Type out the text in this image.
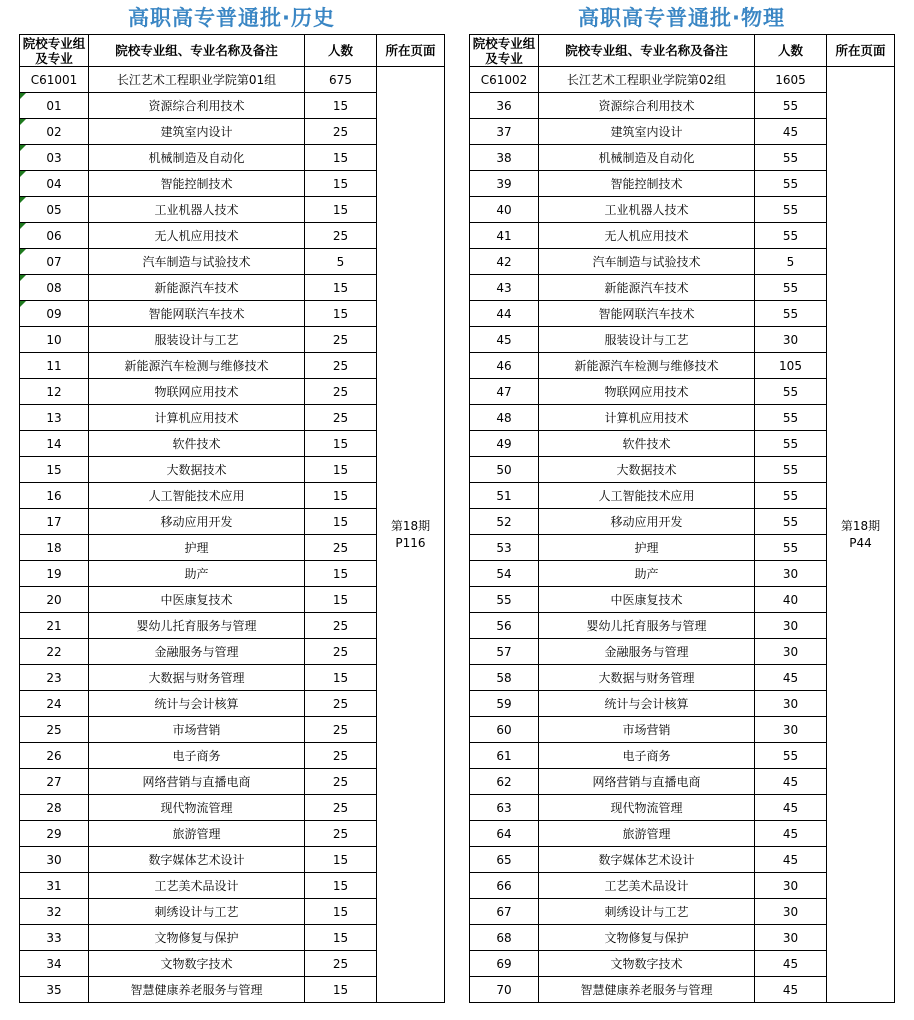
高职高专普通批·历史
院校专业组及专业	院校专业组、专业名称及备注	人数	所在页面
C61001	长江艺术工程职业学院第01组	675	第18期
P116

01	资源综合利用技术	15	
02	建筑室内设计	25	
03	机械制造及自动化	15	
04	智能控制技术	15	
05	工业机器人技术	15	
06	无人机应用技术	25	
07	汽车制造与试验技术	5	
08	新能源汽车技术	15	
09	智能网联汽车技术	15	
10	服装设计与工艺	25	
11	新能源汽车检测与维修技术	25	
12	物联网应用技术	25	
13	计算机应用技术	25	
14	软件技术	15	
15	大数据技术	15	
16	人工智能技术应用	15	
17	移动应用开发	15	
18	护理	25	
19	助产	15	
20	中医康复技术	15	
21	婴幼儿托育服务与管理	25	
22	金融服务与管理	25	
23	大数据与财务管理	15	
24	统计与会计核算	25	
25	市场营销	25	
26	电子商务	25	
27	网络营销与直播电商	25	
28	现代物流管理	25	
29	旅游管理	25	
30	数字媒体艺术设计	15	
31	工艺美术品设计	15	
32	刺绣设计与工艺	15	
33	文物修复与保护	15	
34	文物数字技术	25	
35	智慧健康养老服务与管理	15	
高职高专普通批·物理
院校专业组及专业	院校专业组、专业名称及备注	人数	所在页面
C61002	长江艺术工程职业学院第02组	1605	第18期
P44

36	资源综合利用技术	55	
37	建筑室内设计	45	
38	机械制造及自动化	55	
39	智能控制技术	55	
40	工业机器人技术	55	
41	无人机应用技术	55	
42	汽车制造与试验技术	5	
43	新能源汽车技术	55	
44	智能网联汽车技术	55	
45	服装设计与工艺	30	
46	新能源汽车检测与维修技术	105	
47	物联网应用技术	55	
48	计算机应用技术	55	
49	软件技术	55	
50	大数据技术	55	
51	人工智能技术应用	55	
52	移动应用开发	55	
53	护理	55	
54	助产	30	
55	中医康复技术	40	
56	婴幼儿托育服务与管理	30	
57	金融服务与管理	30	
58	大数据与财务管理	45	
59	统计与会计核算	30	
60	市场营销	30	
61	电子商务	55	
62	网络营销与直播电商	45	
63	现代物流管理	45	
64	旅游管理	45	
65	数字媒体艺术设计	45	
66	工艺美术品设计	30	
67	刺绣设计与工艺	30	
68	文物修复与保护	30	
69	文物数字技术	45	
70	智慧健康养老服务与管理	45	
